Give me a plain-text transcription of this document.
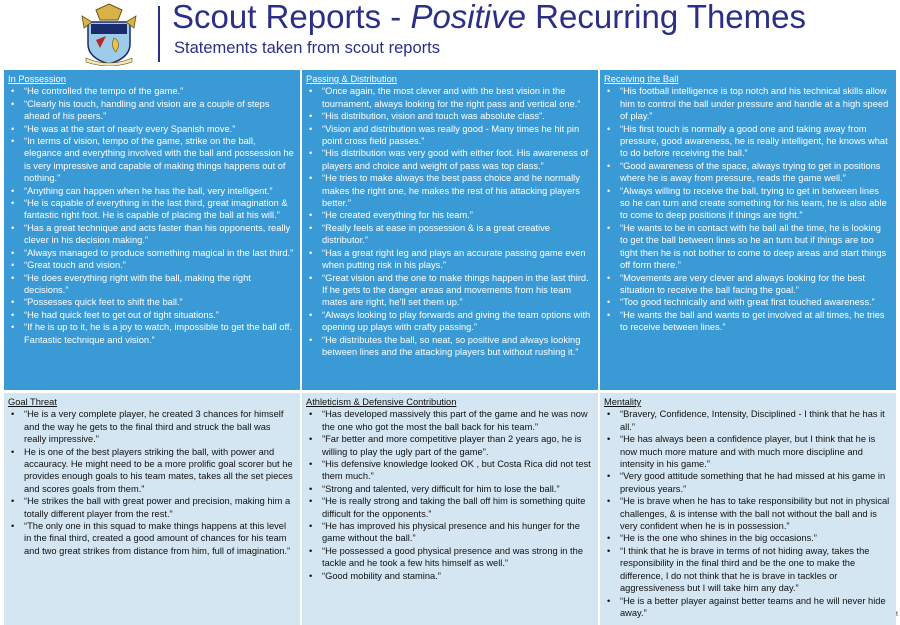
Scout Reports - Positive Recurring Themes
Statements taken from scout reports
In Possession
• “He controlled the tempo of the game.”
• “Clearly his touch, handling and vision are a couple of steps ahead of his peers.”
• “He was at the start of nearly every Spanish move.”
• “In terms of vision, tempo of the game, strike on the ball, elegance and everything involved with the ball and possession he is very impressive and capable of making things happens out of nothing.”
• “Anything can happen when he has the ball, very intelligent.”
• “He is capable of everything in the last third, great imagination & fantastic right foot. He is capable of placing the ball at his will.”
• “Has a great technique and acts faster than his opponents, really clever in his decision making.”
• “Always managed to produce something magical in the last third.”
• “Great touch and vision.”
• “He does everything right with the ball, making the right decisions.”
• “Possesses quick feet to shift the ball.”
• “He had quick feet to get out of tight situations.”
• “If he is up to it, he is a joy to watch, impossible to get the ball off. Fantastic technique and vision.”
Passing & Distribution
• “Once again, the most clever and with the best vision in the tournament, always looking for the right pass and vertical one.”
• “His distribution, vision and touch was absolute class”.
• “Vision and distribution was really good - Many times he hit pin point cross field passes.”
• “His distribution was very good with either foot. His awareness of players and choice and weight of pass was top class.”
• “He tries to make always the best pass choice and he normally makes the right one, he makes the rest of his attacking players better.”
• “He created everything for his team.”
• “Really feels at ease in possession & is a great creative distributor.”
• “Has a great right leg and plays an accurate passing game even when putting risk in his plays.”
• “Great vision and the one to make things happen in the last third. If he gets to the danger areas and movements from his team mates are right, he’ll set them up.”
• “Always looking to play forwards and giving the team options with opening up plays with crafty passing.”
• “He distributes the ball, so neat, so positive and always looking between lines and the attacking players but without rushing it.”
Receiving the Ball
• “His football intelligence is top notch and his technical skills allow him to control the ball under pressure and handle at a high speed of play.”
• “His first touch is normally a good one and taking away from pressure, good awareness, he is really intelligent, he knows what to do before receiving the ball.”
• “Good awareness of the space, always trying to get in positions where he is away from pressure, reads the game well.”
• “Always willing to receive the ball, trying to get in between lines so he can turn and create something for his team, he is also able to come to deep positions if things are tight.”
• “He wants to be in contact with he ball all the time, he is looking to get the ball between lines so he an turn but if things are too tight then he is not bother to come to deep areas and start things off form there.”
• “Movements are very clever and always looking for the best situation to receive the ball facing the goal.”
• “Too good technically and with great first touched awareness.”
• “He wants the ball and wants to get involved at all times, he tries to receive between lines.”
Goal Threat
• “He is a very complete player, he created 3 chances for himself and the way he gets to the final third and struck the ball was really impressive.”
• He is one of the best players striking the ball, with power and accauracy. He might need to be a more prolific goal scorer but he provides enough goals to his team mates, takes all the set pieces and scores goals from them.”
• “He strikes the ball with great power and precision, making him a totally different player from the rest.”
• “The only one in this squad to make things happens at this level in the final third, created a good amount of chances for his team and two great strikes from distance from him, full of imagination.”
Athleticism & Defensive Contribution
• “Has developed massively this part of the game and he was now the one who got the most the ball back for his team.”
• ”Far better and more competitive player than 2 years ago, he is willing to play the ugly part of the game”.
• “His defensive knowledge looked OK , but Costa Rica did not test them much.”
• “Strong and talented, very difficult for him to lose the ball.”
• “He is really strong and taking the ball off him is something quite difficult for the opponents.”
• “He has improved his physical presence and his hunger for the game without the ball.”
• “He possessed a good physical presence and was strong in the tackle and he took a few hits himself as well.”
• “Good mobility and stamina.”
Mentality
• “Bravery, Confidence, Intensity, Disciplined - I think that he has it all.”
• “He has always been a confidence player, but I think that he is now much more mature and with much more discipline and intensity in his game.”
• “Very good attitude something that he had missed at his game in previous years.”
• “He is brave when he has to take responsibility but not in physical challenges, & is intense with the ball not without the ball and is very confident when he is in possession.”
• “He is the one who shines in the big occasions.”
• “I think that he is brave in terms of not hiding away, takes the responsibility in the final third and be the one to make the difference, I do not think that he is brave in tackles or aggressiveness but I will take him any day.”
• “He is a better player against better teams and he will never hide away.”	t
